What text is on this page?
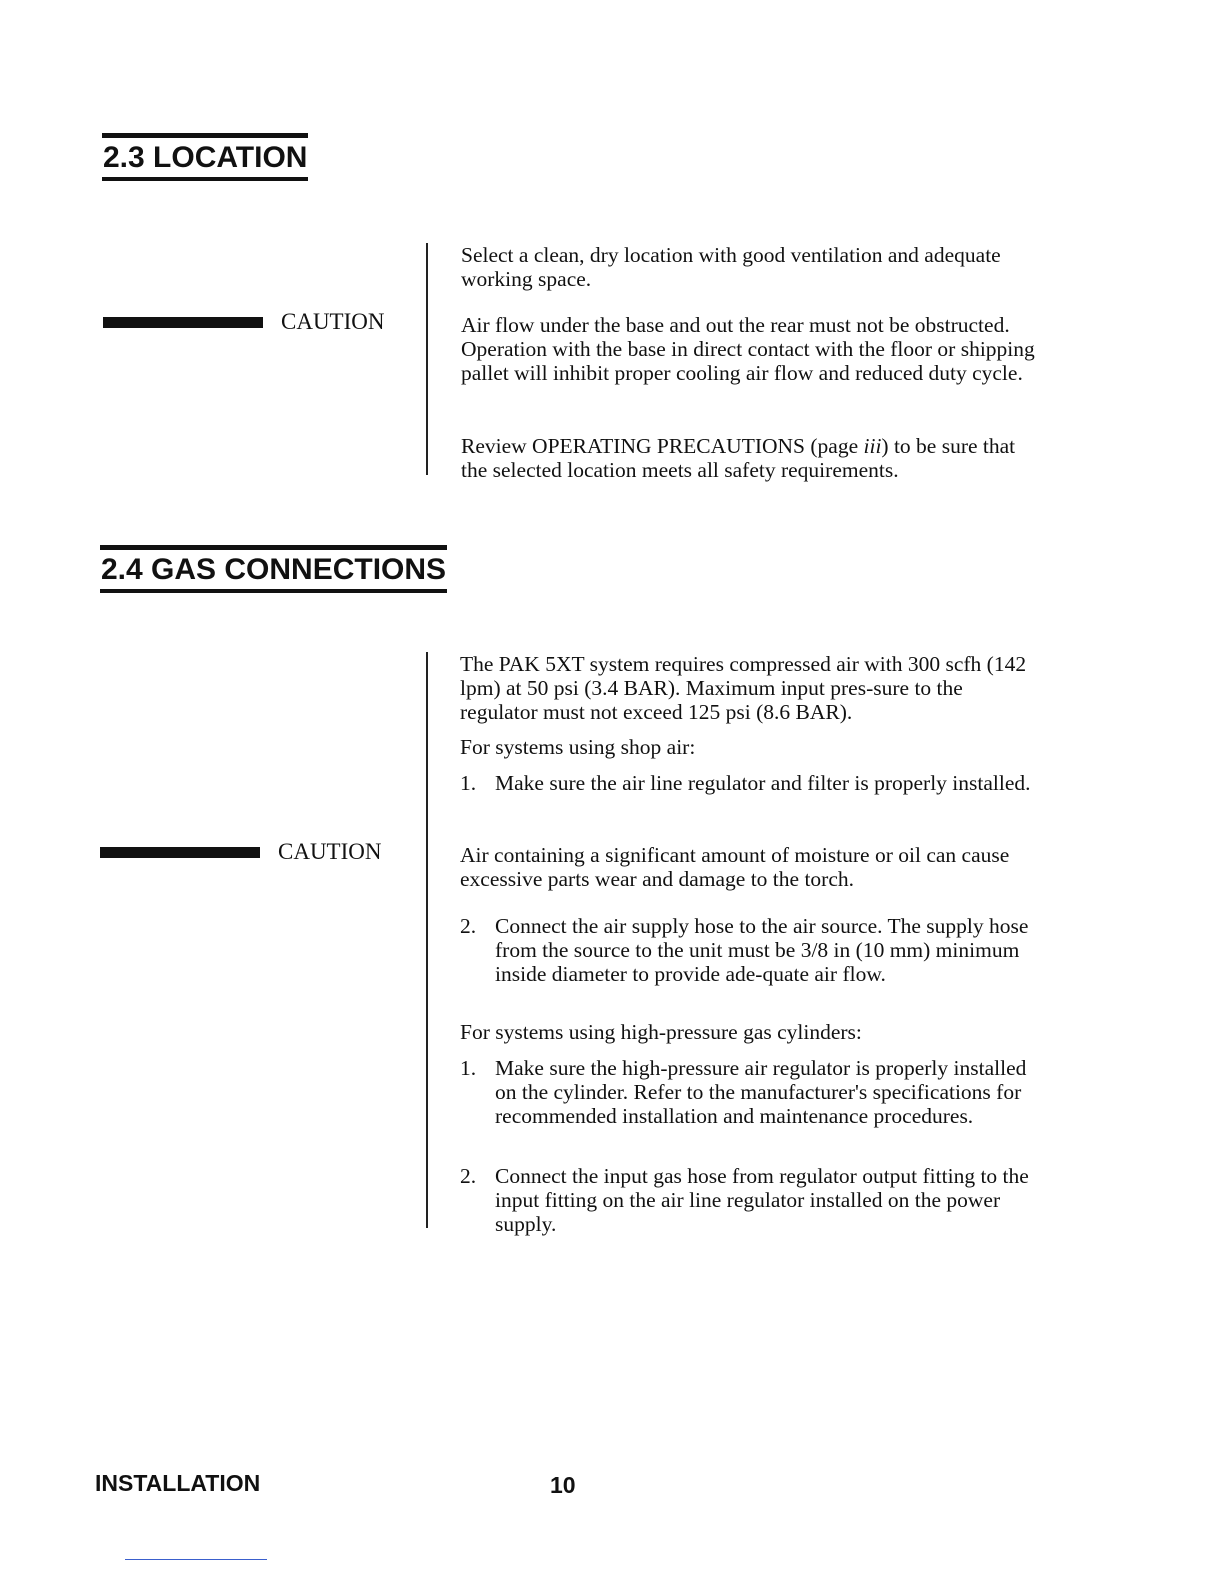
2.3 LOCATION

Select a clean, dry location with good ventilation and adequate working space.

CAUTION	Air flow under the base and out the rear must not be obstructed. Operation with the base in direct contact with the floor or shipping pallet will inhibit proper cooling air flow and reduced duty cycle.

Review OPERATING PRECAUTIONS (page iii) to be sure that the selected location meets all safety requirements.

2.4 GAS CONNECTIONS

The PAK 5XT system requires compressed air with 300 scfh (142 lpm) at 50 psi (3.4 BAR). Maximum input pres-sure to the regulator must not exceed 125 psi (8.6 BAR).

For systems using shop air:

1. Make sure the air line regulator and filter is properly installed.
CAUTION	Air containing a significant amount of moisture or oil can cause excessive parts wear and damage to the torch.

2. Connect the air supply hose to the air source. The supply hose from the source to the unit must be 3/8 in (10 mm) minimum inside diameter to provide ade-quate air flow.

For systems using high-pressure gas cylinders:

1. Make sure the high-pressure air regulator is properly installed on the cylinder. Refer to the manufacturer's specifications for recommended installation and maintenance procedures.
2. Connect the input gas hose from regulator output fitting to the input fitting on the air line regulator installed on the power supply.
INSTALLATION	10
